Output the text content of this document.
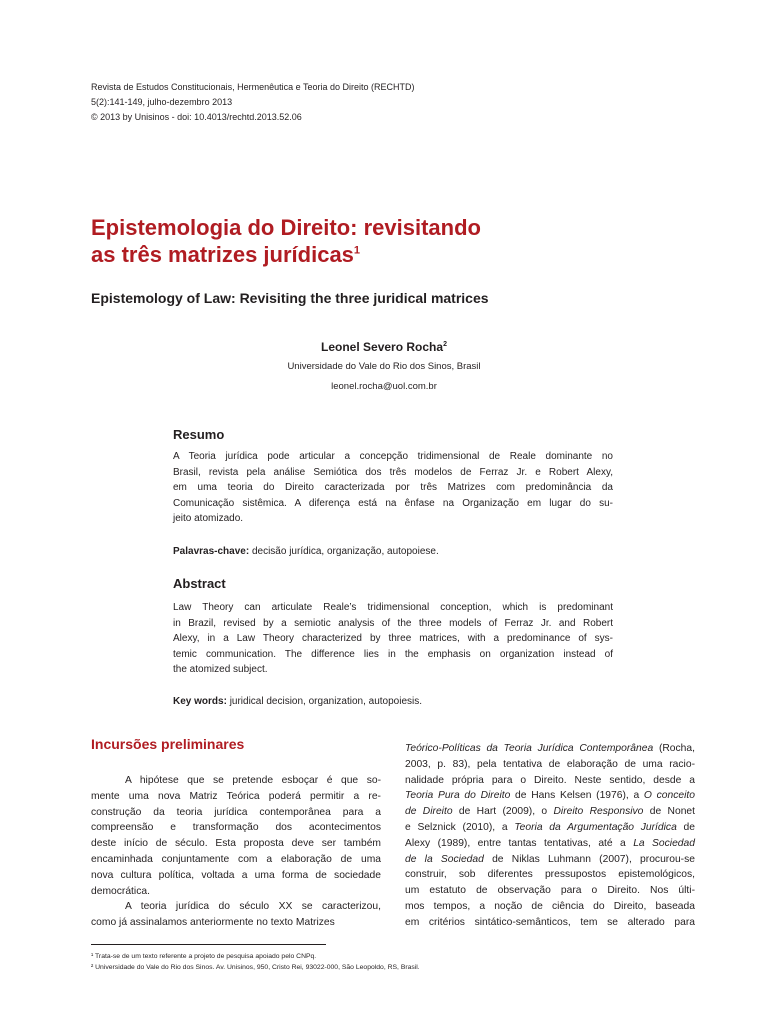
Revista de Estudos Constitucionais, Hermenêutica e Teoria do Direito (RECHTD)
5(2):141-149, julho-dezembro 2013
© 2013 by Unisinos - doi: 10.4013/rechtd.2013.52.06
Epistemologia do Direito: revisitando
as três matrizes jurídicas$^1$
Epistemology of Law: Revisiting the three juridical matrices
Leonel Severo Rocha$^2$
Universidade do Vale do Rio dos Sinos, Brasil
leonel.rocha@uol.com.br
Resumo
A Teoria jurídica pode articular a concepção tridimensional de Reale dominante no
Brasil, revista pela análise Semiótica dos três modelos de Ferraz Jr. e Robert Alexy,
em uma teoria do Direito caracterizada por três Matrizes com predominância da
Comunicação sistêmica. A diferença está na ênfase na Organização em lugar do su-
jeito atomizado.
Palavras-chave: decisão jurídica, organização, autopoiese.
Abstract
Law Theory can articulate Reale’s tridimensional conception, which is predominant
in Brazil, revised by a semiotic analysis of the three models of Ferraz Jr. and Robert
Alexy, in a Law Theory characterized by three matrices, with a predominance of sys-
temic communication. The difference lies in the emphasis on organization instead of
the atomized subject.
Key words: juridical decision, organization, autopoiesis.
Incursões preliminares
A hipótese que se pretende esboçar é que so-
mente uma nova Matriz Teórica poderá permitir a re-
construção da teoria jurídica contemporânea para a
compreensão e transformação dos acontecimentos
deste início de século. Esta proposta deve ser também
encaminhada conjuntamente com a elaboração de uma
nova cultura política, voltada a uma forma de sociedade
democrática.
A teoria jurídica do século XX se caracterizou,
como já assinalamos anteriormente no texto Matrizes
Teórico-Políticas da Teoria Jurídica Contemporânea (Rocha,
2003, p. 83), pela tentativa de elaboração de uma racio-
nalidade própria para o Direito. Neste sentido, desde a
Teoria Pura do Direito de Hans Kelsen (1976), a O conceito
de Direito de Hart (2009), o Direito Responsivo de Nonet
e Selznick (2010), a Teoria da Argumentação Jurídica de
Alexy (1989), entre tantas tentativas, até a La Sociedad
de la Sociedad de Niklas Luhmann (2007), procurou-se
construir, sob diferentes pressupostos epistemológicos,
um estatuto de observação para o Direito. Nos últi-
mos tempos, a noção de ciência do Direito, baseada
em critérios sintático-semânticos, tem se alterado para
¹ Trata-se de um texto referente a projeto de pesquisa apoiado pelo CNPq.
² Universidade do Vale do Rio dos Sinos. Av. Unisinos, 950, Cristo Rei, 93022-000, São Leopoldo, RS, Brasil.
